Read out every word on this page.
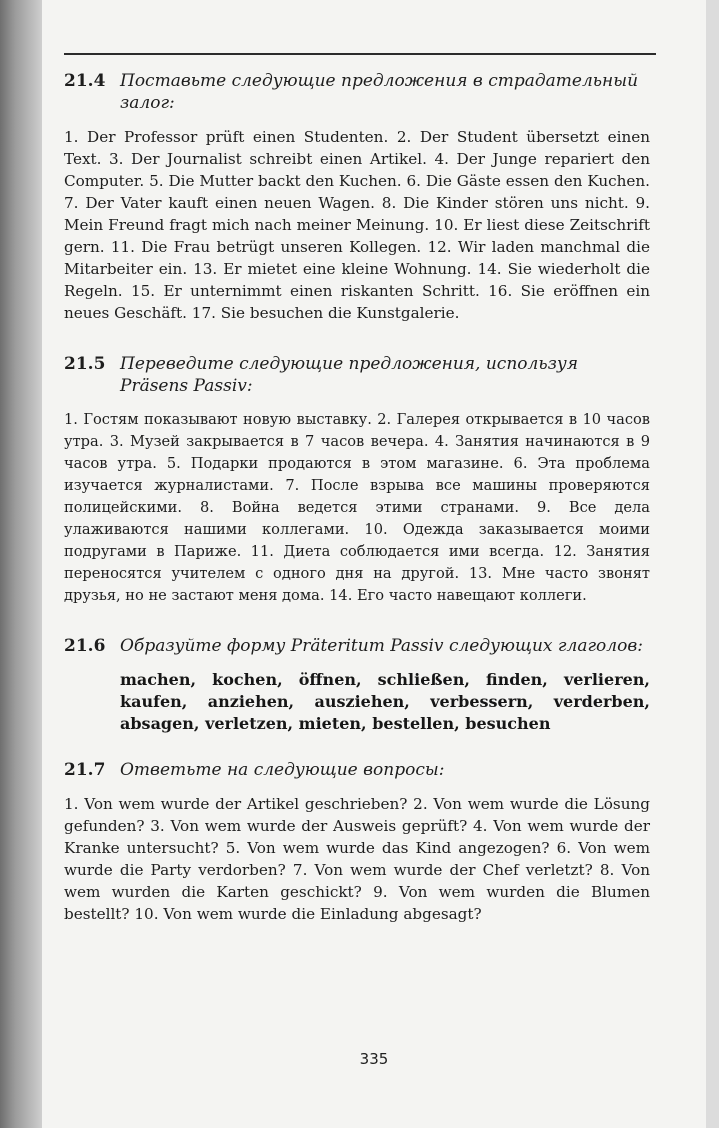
21.4 Поставьте следующие предложения в страдательный залог:
1. Der Professor prüft einen Studenten. 2. Der Student übersetzt einen Text. 3. Der Journalist schreibt einen Artikel. 4. Der Junge repariert den Computer. 5. Die Mutter backt den Kuchen. 6. Die Gäste essen den Kuchen. 7. Der Vater kauft einen neuen Wagen. 8. Die Kinder stören uns nicht. 9. Mein Freund fragt mich nach meiner Meinung. 10. Er liest diese Zeitschrift gern. 11. Die Frau betrügt unseren Kollegen. 12. Wir laden manchmal die Mitarbeiter ein. 13. Er mietet eine kleine Wohnung. 14. Sie wiederholt die Regeln. 15. Er unternimmt einen riskanten Schritt. 16. Sie eröffnen ein neues Geschäft. 17. Sie besuchen die Kunstgalerie.
21.5 Переведите следующие предложения, используя Präsens Passiv:
1. Гостям показывают новую выставку. 2. Галерея открывается в 10 часов утра. 3. Музей закрывается в 7 часов вечера. 4. Занятия начинаются в 9 часов утра. 5. Подарки продаются в этом магазине. 6. Эта проблема изучается журналистами. 7. После взрыва все машины проверяются полицейскими. 8. Война ведется этими странами. 9. Все дела улаживаются нашими коллегами. 10. Одежда заказывается моими подругами в Париже. 11. Диета соблюдается ими всегда. 12. Занятия переносятся учителем с одного дня на другой. 13. Мне часто звонят друзья, но не застают меня дома. 14. Его часто навещают коллеги.
21.6 Образуйте форму Präteritum Passiv следующих глаголов:
machen, kochen, öffnen, schließen, finden, verlieren, kaufen, anziehen, ausziehen, verbessern, verderben, absagen, verletzen, mieten, bestellen, besuchen
21.7 Ответьте на следующие вопросы:
1. Von wem wurde der Artikel geschrieben? 2. Von wem wurde die Lösung gefunden? 3. Von wem wurde der Ausweis geprüft? 4. Von wem wurde der Kranke untersucht? 5. Von wem wurde das Kind angezogen? 6. Von wem wurde die Party verdorben? 7. Von wem wurde der Chef verletzt? 8. Von wem wurden die Karten geschickt? 9. Von wem wurden die Blumen bestellt? 10. Von wem wurde die Einladung abgesagt?
335
